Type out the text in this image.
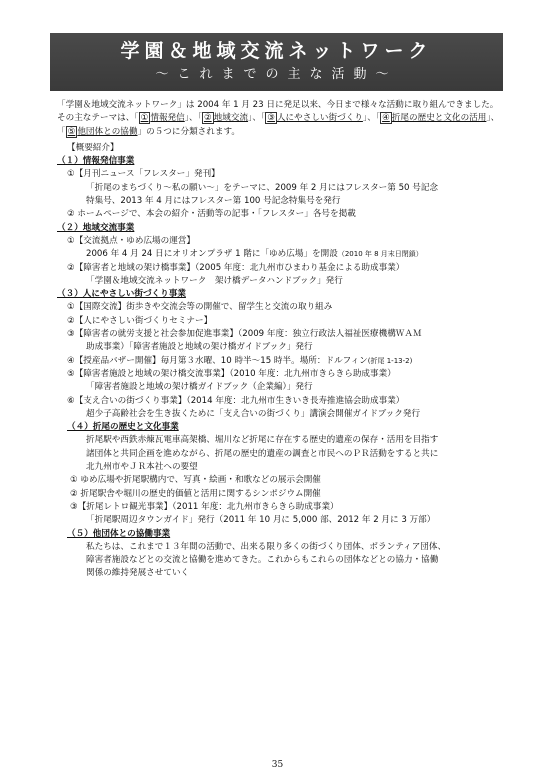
学園＆地域交流ネットワーク
～これまでの主な活動～

「学園＆地域交流ネットワーク」は 2004 年 1 月 23 日に発足以来、今日まで様々な活動に取り組んできました。その主なテーマは、「 ① 情報発信」、「 ② 地域交流」、「 ③ 人にやさしい街づくり」、「 ④ 折尾の歴史と文化の活用」、「 ⑤ 他団体との協働」の５つに分類されます。

【概要紹介】

（１）情報発信事業

①【月刊ニュース「フレスター」発刊】

「折尾のまちづくり～私の願い～」をテーマに、2009 年 2 月にはフレスター第 50 号記念

特集号、2013 年 4 月にはフレスター第 100 号記念特集号を発行

② ホームページで、本会の紹介・活動等の記事・「フレスター」各号を掲載

（２）地域交流事業

①【交流拠点・ゆめ広場の運営】

2006 年 4 月 24 日にオリオンプラザ 1 階に「ゆめ広場」を開設（2010 年 8 月末日閉鎖）

②【障害者と地域の架け橋事業】（2005 年度：北九州市ひまわり基金による助成事業）

「学園＆地域交流ネットワーク　架け橋データハンドブック」発行

（３）人にやさしい街づくり事業

①【国際交流】街歩きや交流会等の開催で、留学生と交流の取り組み

②【人にやさしい街づくりセミナー】

③【障害者の就労支援と社会参加促進事業】（2009 年度：独立行政法人福祉医療機構ＷＡＭ

助成事業）「障害者施設と地域の架け橋ガイドブック」発行

④【授産品バザー開催】毎月第３水曜、10 時半～15 時半。場所：ドルフィン(折尾 1-13-2)

⑤【障害者施設と地域の架け橋交流事業】（2010 年度：北九州市きらきら助成事業）

「障害者施設と地域の架け橋ガイドブック（企業編）」発行

⑥【支え合いの街づくり事業】（2014 年度：北九州市生きいき長寿推進協会助成事業）

超少子高齢社会を生き抜くために「支え合いの街づくり」講演会開催ガイドブック発行

（４）折尾の歴史と文化事業

折尾駅や西鉄赤煉瓦電車高架橋、堀川など折尾に存在する歴史的遺産の保存・活用を目指す

諸団体と共同企画を進めながら、折尾の歴史的遺産の調査と市民へのＰＲ活動をすると共に

北九州市やＪＲ本社への要望

① ゆめ広場や折尾駅構内で、写真・絵画・和歌などの展示会開催

② 折尾駅舎や堀川の歴史的価値と活用に関するシンポジウム開催

③【折尾レトロ観光事業】（2011 年度：北九州市きらきら助成事業）

「折尾駅周辺タウンガイド」発行（2011 年 10 月に 5,000 部、2012 年 2 月に 3 万部）

（５）他団体との協働事業

私たちは、これまで１３年間の活動で、出来る限り多くの街づくり団体、ボランティア団体、

障害者施設などとの交流と協働を進めてきた。これからもこれらの団体などとの協力・協働

関係の維持発展させていく

35
